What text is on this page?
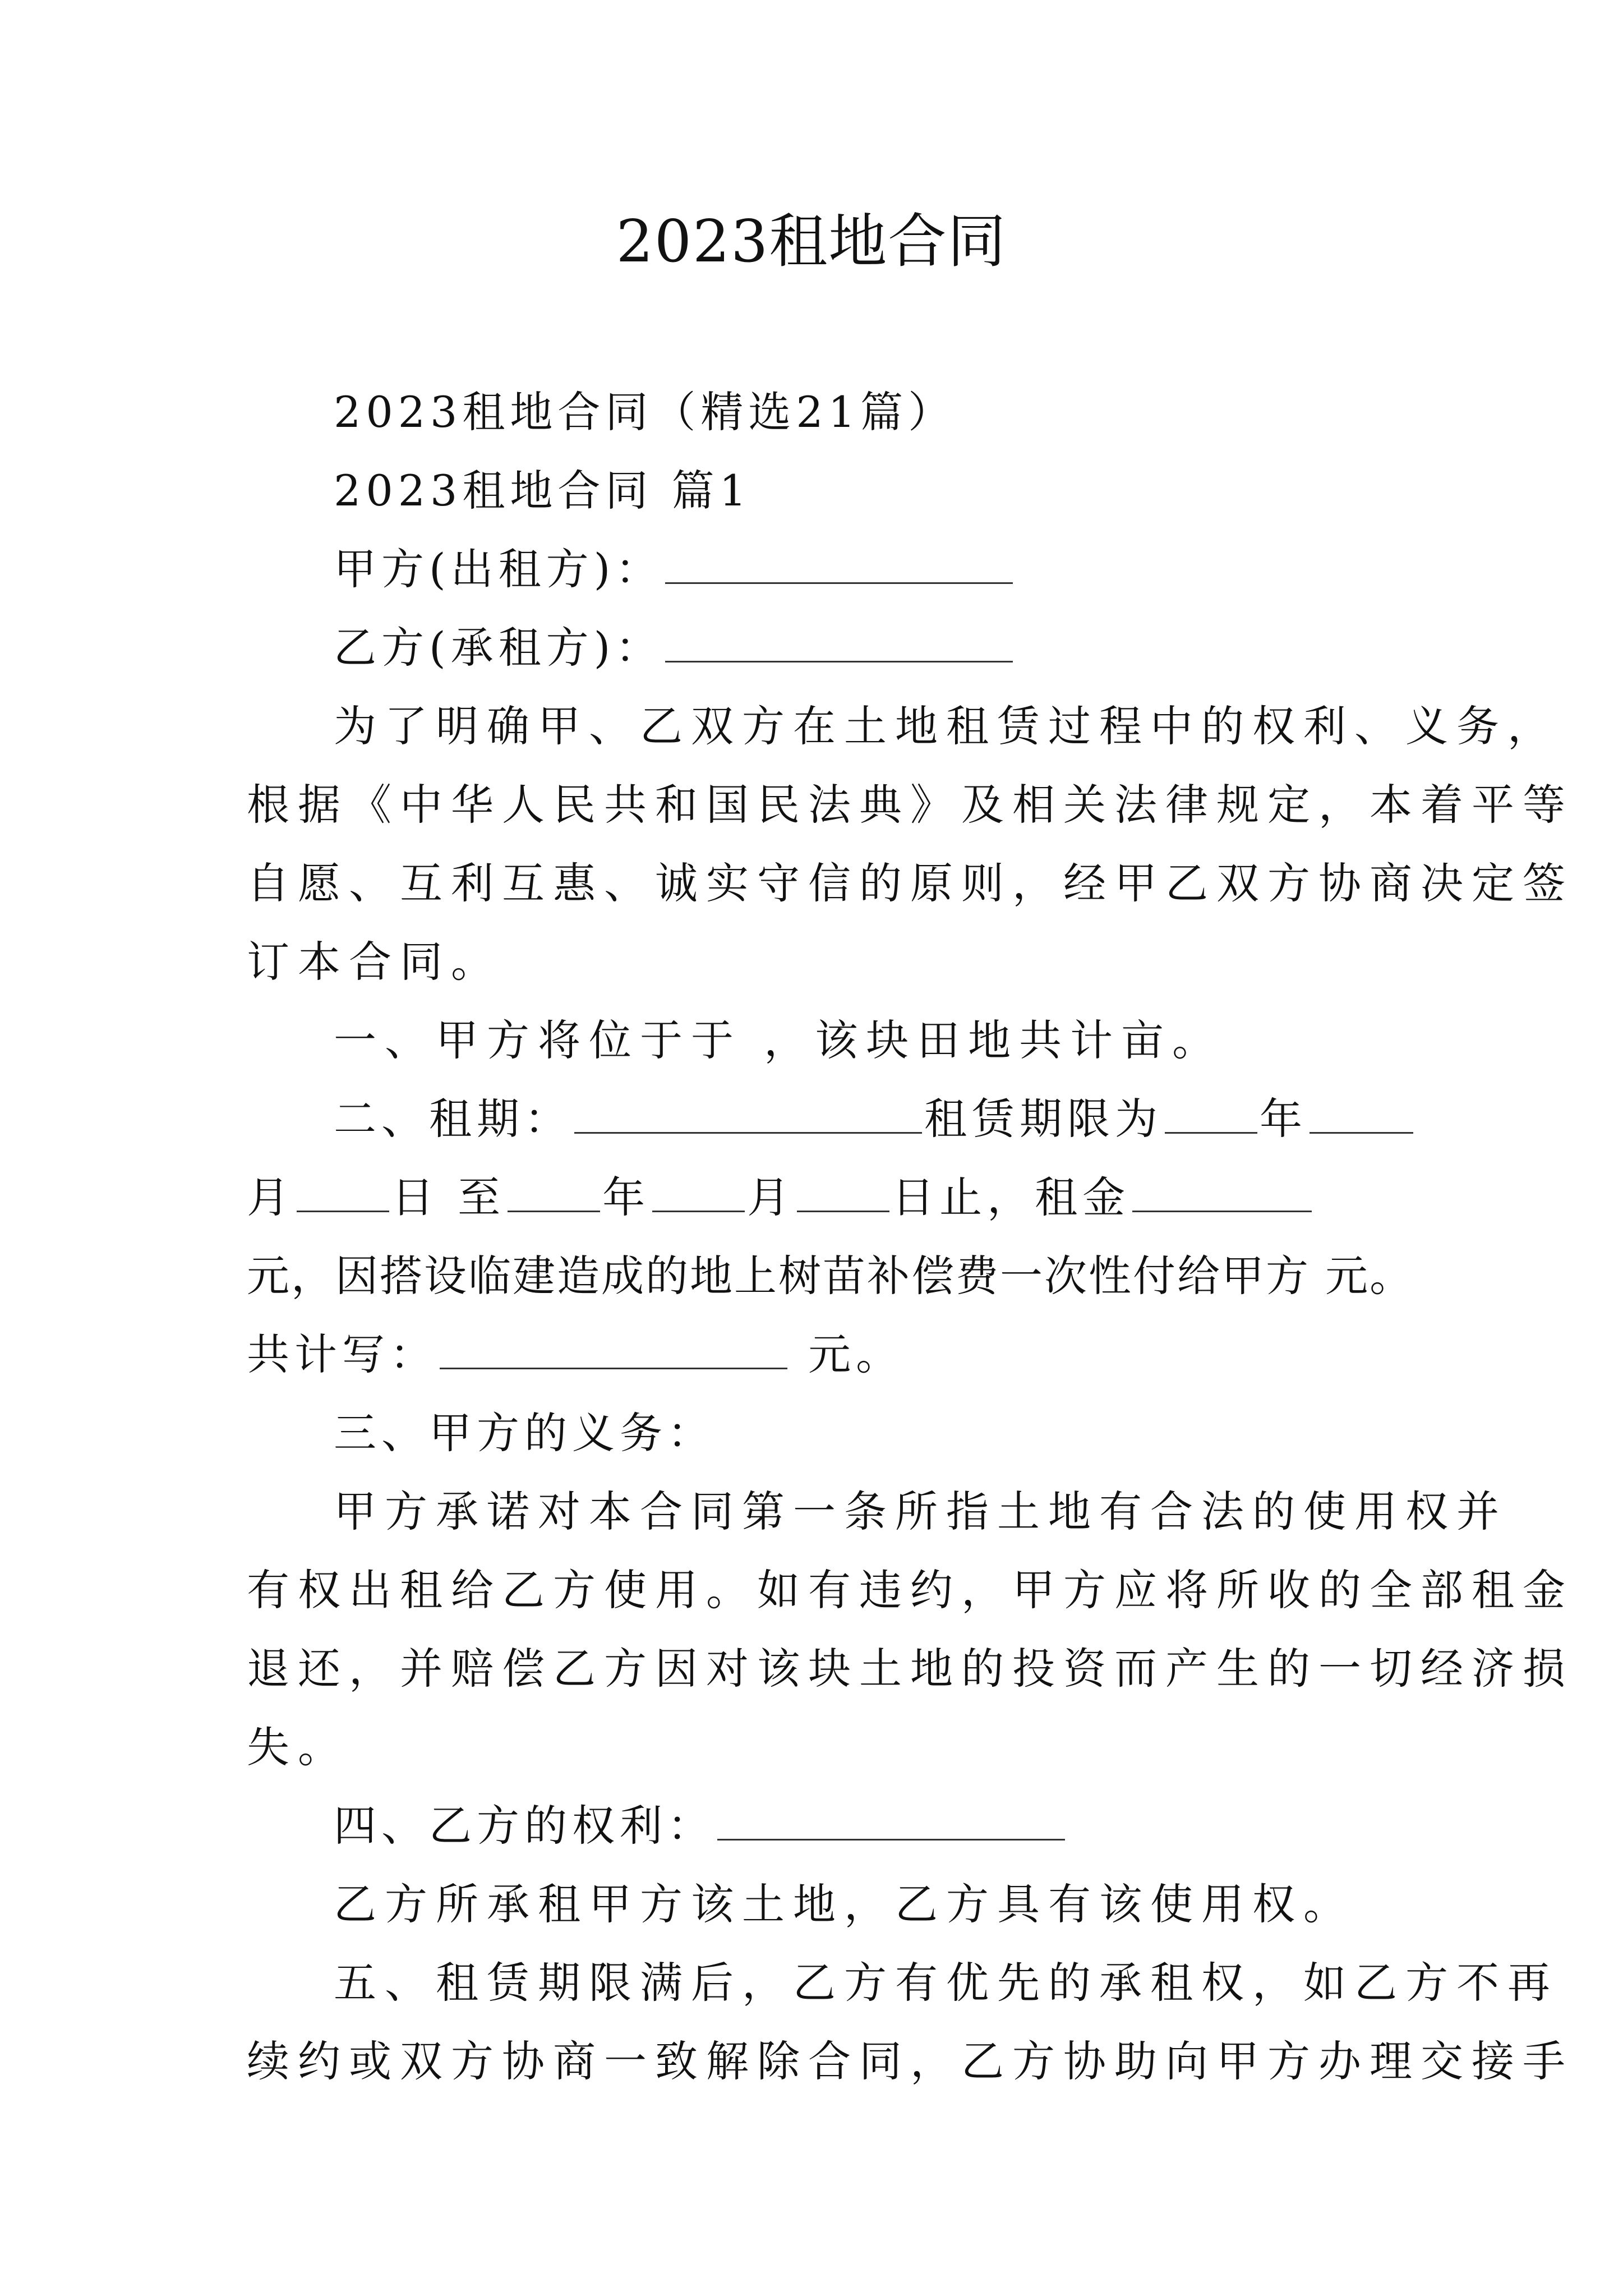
2023租地合同
2023租地合同（精选21篇）
2023租地合同 篇1
甲方(出租方)：
乙方(承租方)：
为了明确甲、乙双方在土地租赁过程中的权利、义务，
根据《中华人民共和国民法典》及相关法律规定，本着平等
自愿、互利互惠、诚实守信的原则，经甲乙双方协商决定签
订本合同。
一、甲方将位于于 ，该块田地共计亩。
二、租期：	租赁期限为 年
月 日 至 年 月 日止，租金
元，因搭设临建造成的地上树苗补偿费一次性付给甲方 元。
共计写：	元。
三、甲方的义务：
甲方承诺对本合同第一条所指土地有合法的使用权并
有权出租给乙方使用。如有违约，甲方应将所收的全部租金
退还，并赔偿乙方因对该块土地的投资而产生的一切经济损
失。
四、乙方的权利：
乙方所承租甲方该土地，乙方具有该使用权。
五、租赁期限满后，乙方有优先的承租权，如乙方不再
续约或双方协商一致解除合同，乙方协助向甲方办理交接手
